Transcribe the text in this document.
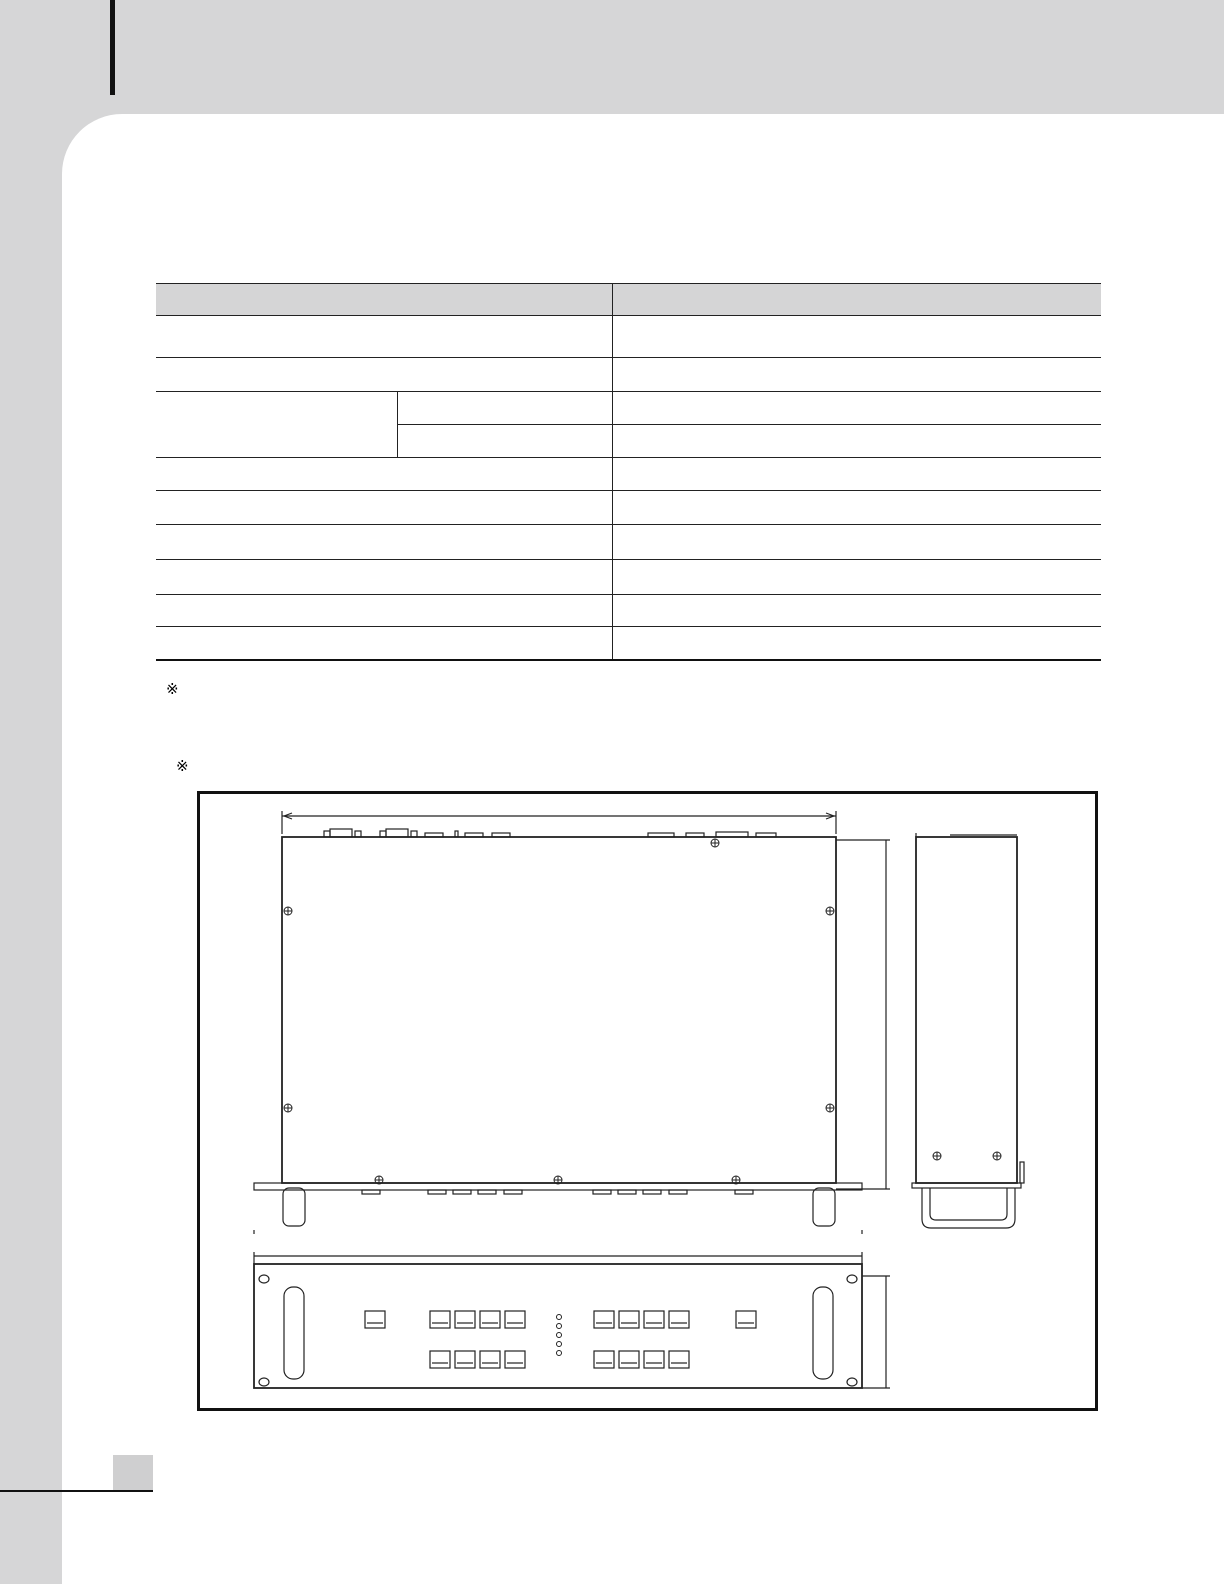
※
※
